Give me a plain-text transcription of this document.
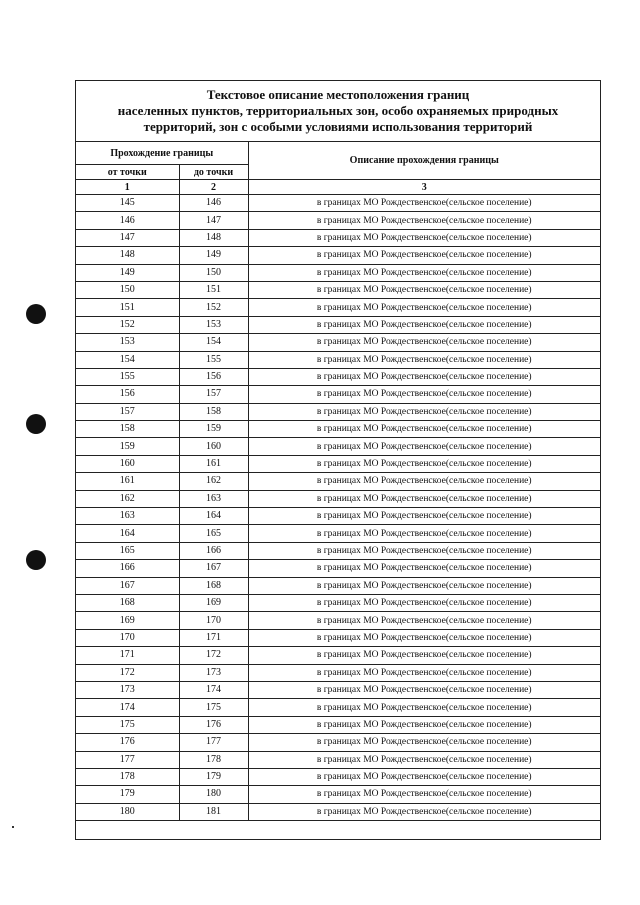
Текстовое описание местоположения границ
населенных пунктов, территориальных зон, особо охраняемых природных
территорий, зон с особыми условиями использования территорий
Прохождение границы		Описание прохождения границы
от точки	до точки	
1	2	3
145	146	в границах МО Рождественское(сельское поселение)
146	147	в границах МО Рождественское(сельское поселение)
147	148	в границах МО Рождественское(сельское поселение)
148	149	в границах МО Рождественское(сельское поселение)
149	150	в границах МО Рождественское(сельское поселение)
150	151	в границах МО Рождественское(сельское поселение)
151	152	в границах МО Рождественское(сельское поселение)
152	153	в границах МО Рождественское(сельское поселение)
153	154	в границах МО Рождественское(сельское поселение)
154	155	в границах МО Рождественское(сельское поселение)
155	156	в границах МО Рождественское(сельское поселение)
156	157	в границах МО Рождественское(сельское поселение)
157	158	в границах МО Рождественское(сельское поселение)
158	159	в границах МО Рождественское(сельское поселение)
159	160	в границах МО Рождественское(сельское поселение)
160	161	в границах МО Рождественское(сельское поселение)
161	162	в границах МО Рождественское(сельское поселение)
162	163	в границах МО Рождественское(сельское поселение)
163	164	в границах МО Рождественское(сельское поселение)
164	165	в границах МО Рождественское(сельское поселение)
165	166	в границах МО Рождественское(сельское поселение)
166	167	в границах МО Рождественское(сельское поселение)
167	168	в границах МО Рождественское(сельское поселение)
168	169	в границах МО Рождественское(сельское поселение)
169	170	в границах МО Рождественское(сельское поселение)
170	171	в границах МО Рождественское(сельское поселение)
171	172	в границах МО Рождественское(сельское поселение)
172	173	в границах МО Рождественское(сельское поселение)
173	174	в границах МО Рождественское(сельское поселение)
174	175	в границах МО Рождественское(сельское поселение)
175	176	в границах МО Рождественское(сельское поселение)
176	177	в границах МО Рождественское(сельское поселение)
177	178	в границах МО Рождественское(сельское поселение)
178	179	в границах МО Рождественское(сельское поселение)
179	180	в границах МО Рождественское(сельское поселение)
180	181	в границах МО Рождественское(сельское поселение)
